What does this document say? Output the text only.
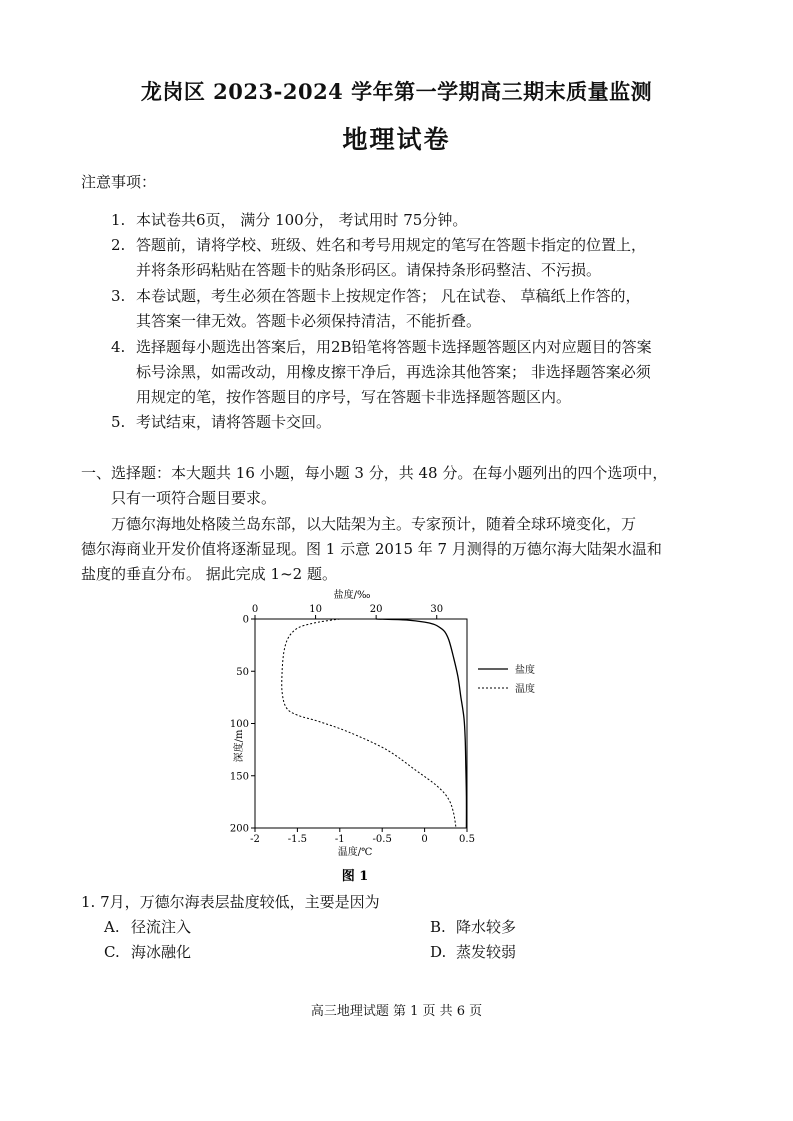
龙岗区 2023-2024 学年第一学期高三期末质量监测
地理试卷
注意事项：
1. 本试卷共6页， 满分 100分， 考试用时 75分钟。
2. 答题前，请将学校、班级、姓名和考号用规定的笔写在答题卡指定的位置上，
并将条形码粘贴在答题卡的贴条形码区。请保持条形码整洁、不污损。
3. 本卷试题，考生必须在答题卡上按规定作答； 凡在试卷、 草稿纸上作答的，
其答案一律无效。答题卡必须保持清洁，不能折叠。
4. 选择题每小题选出答案后，用2B铅笔将答题卡选择题答题区内对应题目的答案
标号涂黑，如需改动，用橡皮擦干净后，再选涂其他答案； 非选择题答案必须
用规定的笔，按作答题目的序号，写在答题卡非选择题答题区内。
5. 考试结束，请将答题卡交回。
一、选择题：本大题共 16 小题，每小题 3 分，共 48 分。在每小题列出的四个选项中，
只有一项符合题目要求。
万德尔海地处格陵兰岛东部，以大陆架为主。专家预计，随着全球环境变化，万
德尔海商业开发价值将逐渐显现。图 1 示意 2015 年 7 月测得的万德尔海大陆架水温和
盐度的垂直分布。 据此完成 1~2 题。
盐度/‰
深度/m
温度/℃
图 1
盐度
温度
0	10	20	30
-2	-1.5	-1	-0.5	0	0.5
0
50
100
150
200
1. 7月，万德尔海表层盐度较低，主要是因为
A. 径流注入	B. 降水较多
C. 海冰融化	D. 蒸发较弱
高三地理试题 第 1 页 共 6 页
